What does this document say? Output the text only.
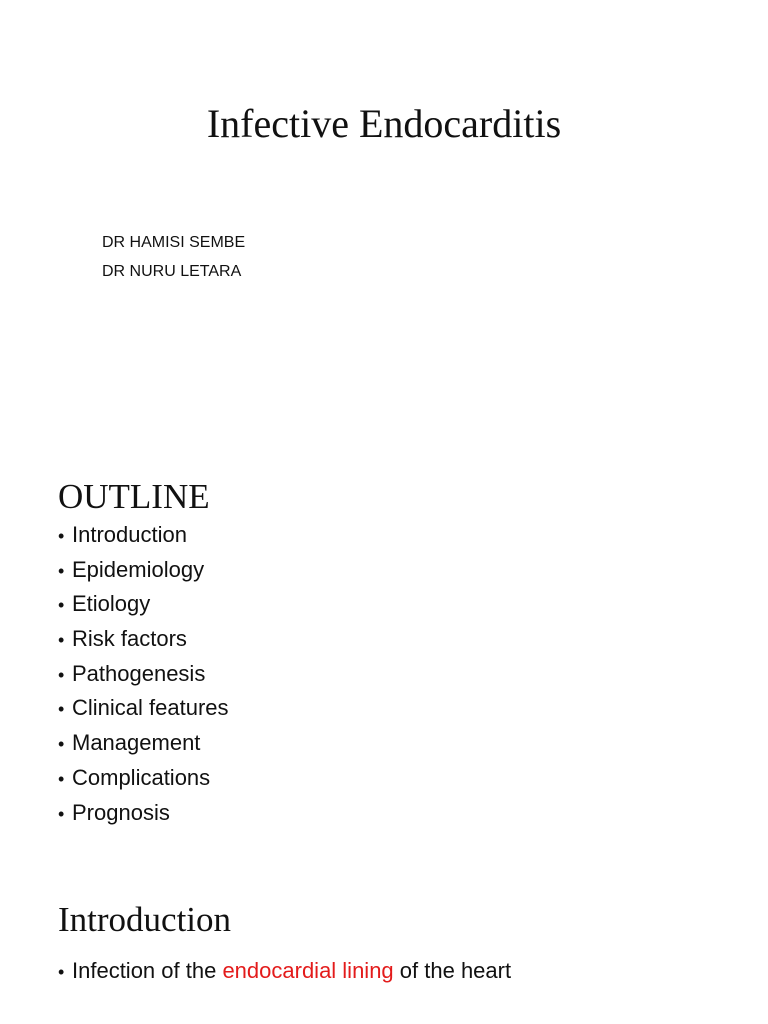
Infective Endocarditis
DR HAMISI SEMBE
DR NURU LETARA
OUTLINE
• Introduction
• Epidemiology
• Etiology
• Risk factors
• Pathogenesis
• Clinical features
• Management
• Complications
• Prognosis
Introduction
• Infection of the endocardial lining of the heart
